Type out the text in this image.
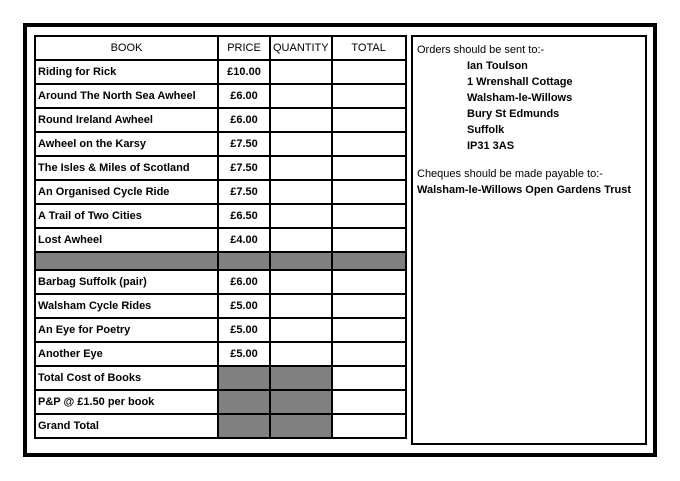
BOOK	PRICE	QUANTITY	TOTAL
Riding for Rick	£10.00		
Around The North Sea Awheel	£6.00		
Round Ireland Awheel	£6.00		
Awheel on the Karsy	£7.50		
The Isles & Miles of Scotland	£7.50		
An Organised Cycle Ride	£7.50		
A Trail of Two Cities	£6.50		
Lost Awheel	£4.00		

Barbag Suffolk (pair)	£6.00		
Walsham Cycle Rides	£5.00		
An Eye for Poetry	£5.00		
Another Eye	£5.00		
Total Cost of Books			
P&P @ £1.50 per book			
Grand Total			
Orders should be sent to:-
Ian Toulson
1 Wrenshall Cottage
Walsham-le-Willows
Bury St Edmunds
Suffolk
IP31 3AS
Cheques should be made payable to:-
Walsham-le-Willows Open Gardens Trust
